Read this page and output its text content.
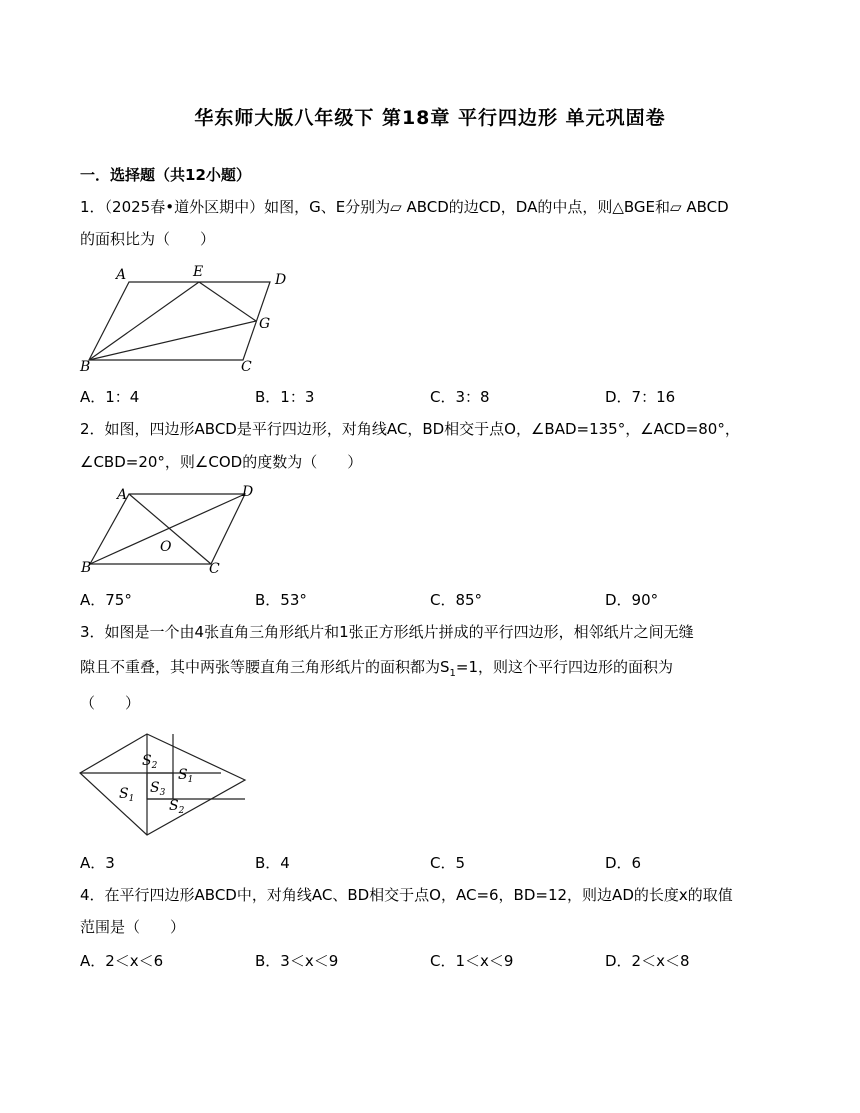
华东师大版八年级下 第18章 平行四边形 单元巩固卷
一．选择题（共12小题）
1．（2025春•道外区期中）如图，G、E分别为▱ ABCD的边CD，DA的中点，则△BGE和▱ ABCD
的面积比为（　　）
A	E	D
G
B	C
A．1：4	B．1：3	C．3：8	D．7：16
2．如图，四边形ABCD是平行四边形，对角线AC，BD相交于点O，∠BAD=135°，∠ACD=80°，
∠CBD=20°，则∠COD的度数为（　　）
A	D
O
B	C
A．75°	B．53°	C．85°	D．90°
3．如图是一个由4张直角三角形纸片和1张正方形纸片拼成的平行四边形，相邻纸片之间无缝
隙且不重叠，其中两张等腰直角三角形纸片的面积都为$S_1=1$，则这个平行四边形的面积为
（　　）
$S_2$
$S_1$
$S_3$
$S_1$ $S_2$
A．3	B．4	C．5	D．6
4．在平行四边形ABCD中，对角线AC、BD相交于点O，AC=6，BD=12，则边AD的长度x的取值
范围是（　　）
A．2＜x＜6	B．3＜x＜9	C．1＜x＜9	D．2＜x＜8
